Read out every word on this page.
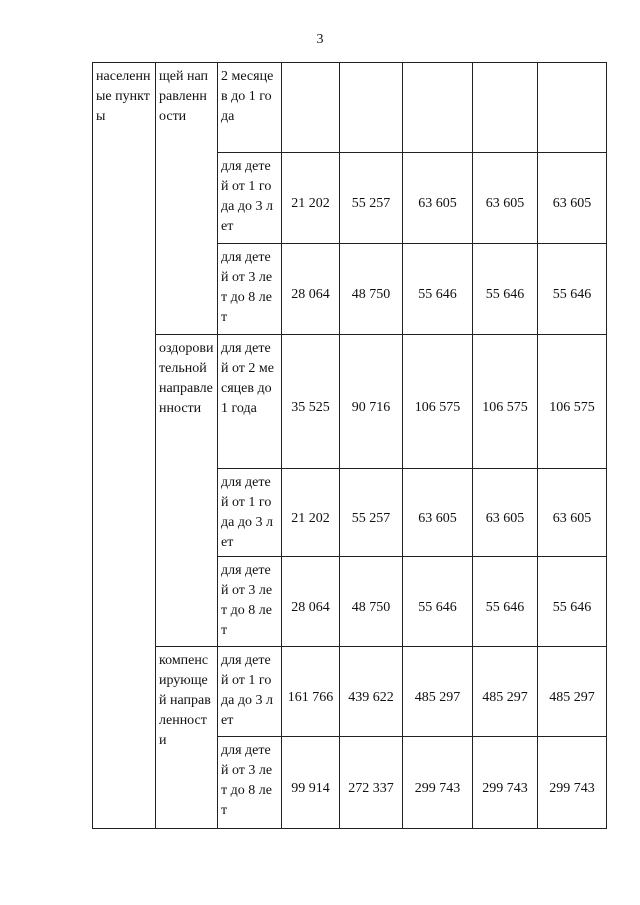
3
населенные пункты	щей направленности	2 месяцев до 1 года					
		для детей от 1 года до 3 лет	21 202	55 257	63 605	63 605	63 605
		для детей от 3 лет до 8 лет	28 064	48 750	55 646	55 646	55 646
	оздоровительной направленности	для детей от 2 месяцев до 1 года	35 525	90 716	106 575	106 575	106 575
		для детей от 1 года до 3 лет	21 202	55 257	63 605	63 605	63 605
		для детей от 3 лет до 8 лет	28 064	48 750	55 646	55 646	55 646
	компенсирующей направленности	для детей от 1 года до 3 лет	161 766	439 622	485 297	485 297	485 297
		для детей от 3 лет до 8 лет	99 914	272 337	299 743	299 743	299 743
